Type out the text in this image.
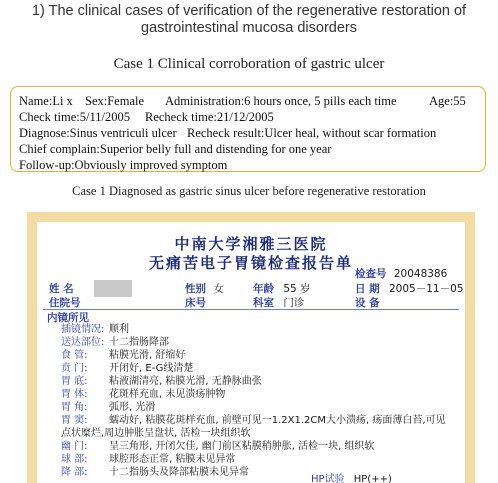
1) The clinical cases of verification of the regenerative restoration of
gastrointestinal mucosa disorders
Case 1 Clinical corroboration of gastric ulcer
Name:Li x Sex:Female Administration:6 hours once, 5 pills each time	Age:55
Check time:5/11/2005 Recheck time:21/12/2005
Diagnose:Sinus ventriculi ulcer Recheck result:Ulcer heal, without scar formation
Chief complain:Superior belly full and distending for one year
Follow-up:Obviously improved symptom
Case 1 Diagnosed as gastric sinus ulcer before regenerative restoration
中南大学湘雅三医院
无痛苦电子胃镜检查报告单
检查号 20048386
姓 名	性别 女	年龄 55 岁	日 期 2005－11－05
住院号	床号	科室 门诊	设 备
内镜所见
插镜情况: 顺利
送达部位: 十二指肠降部
食 管: 粘膜光滑, 舒缩好
贲 门: 开闭好, E-G线清楚
胃 底: 粘液湖清亮, 粘膜光滑, 无静脉曲张
胃 体: 花斑样充血, 未见溃疡肿物
胃 角: 弧形, 光滑
胃 窦: 蠕动好, 粘膜花斑样充血, 前壁可见一1.2X1.2CM大小溃疡, 疡面薄白苔,可见点状糜烂,周边肿胀呈盘状, 活检一块组织软
幽 门: 呈三角形, 开闭欠佳, 幽门前区粘膜稍肿胀, 活检一块, 组织软
球 部: 球腔形态正常, 粘膜未见异常
降 部: 十二指肠头及降部粘膜未见异常
HP试验 HP(++)
